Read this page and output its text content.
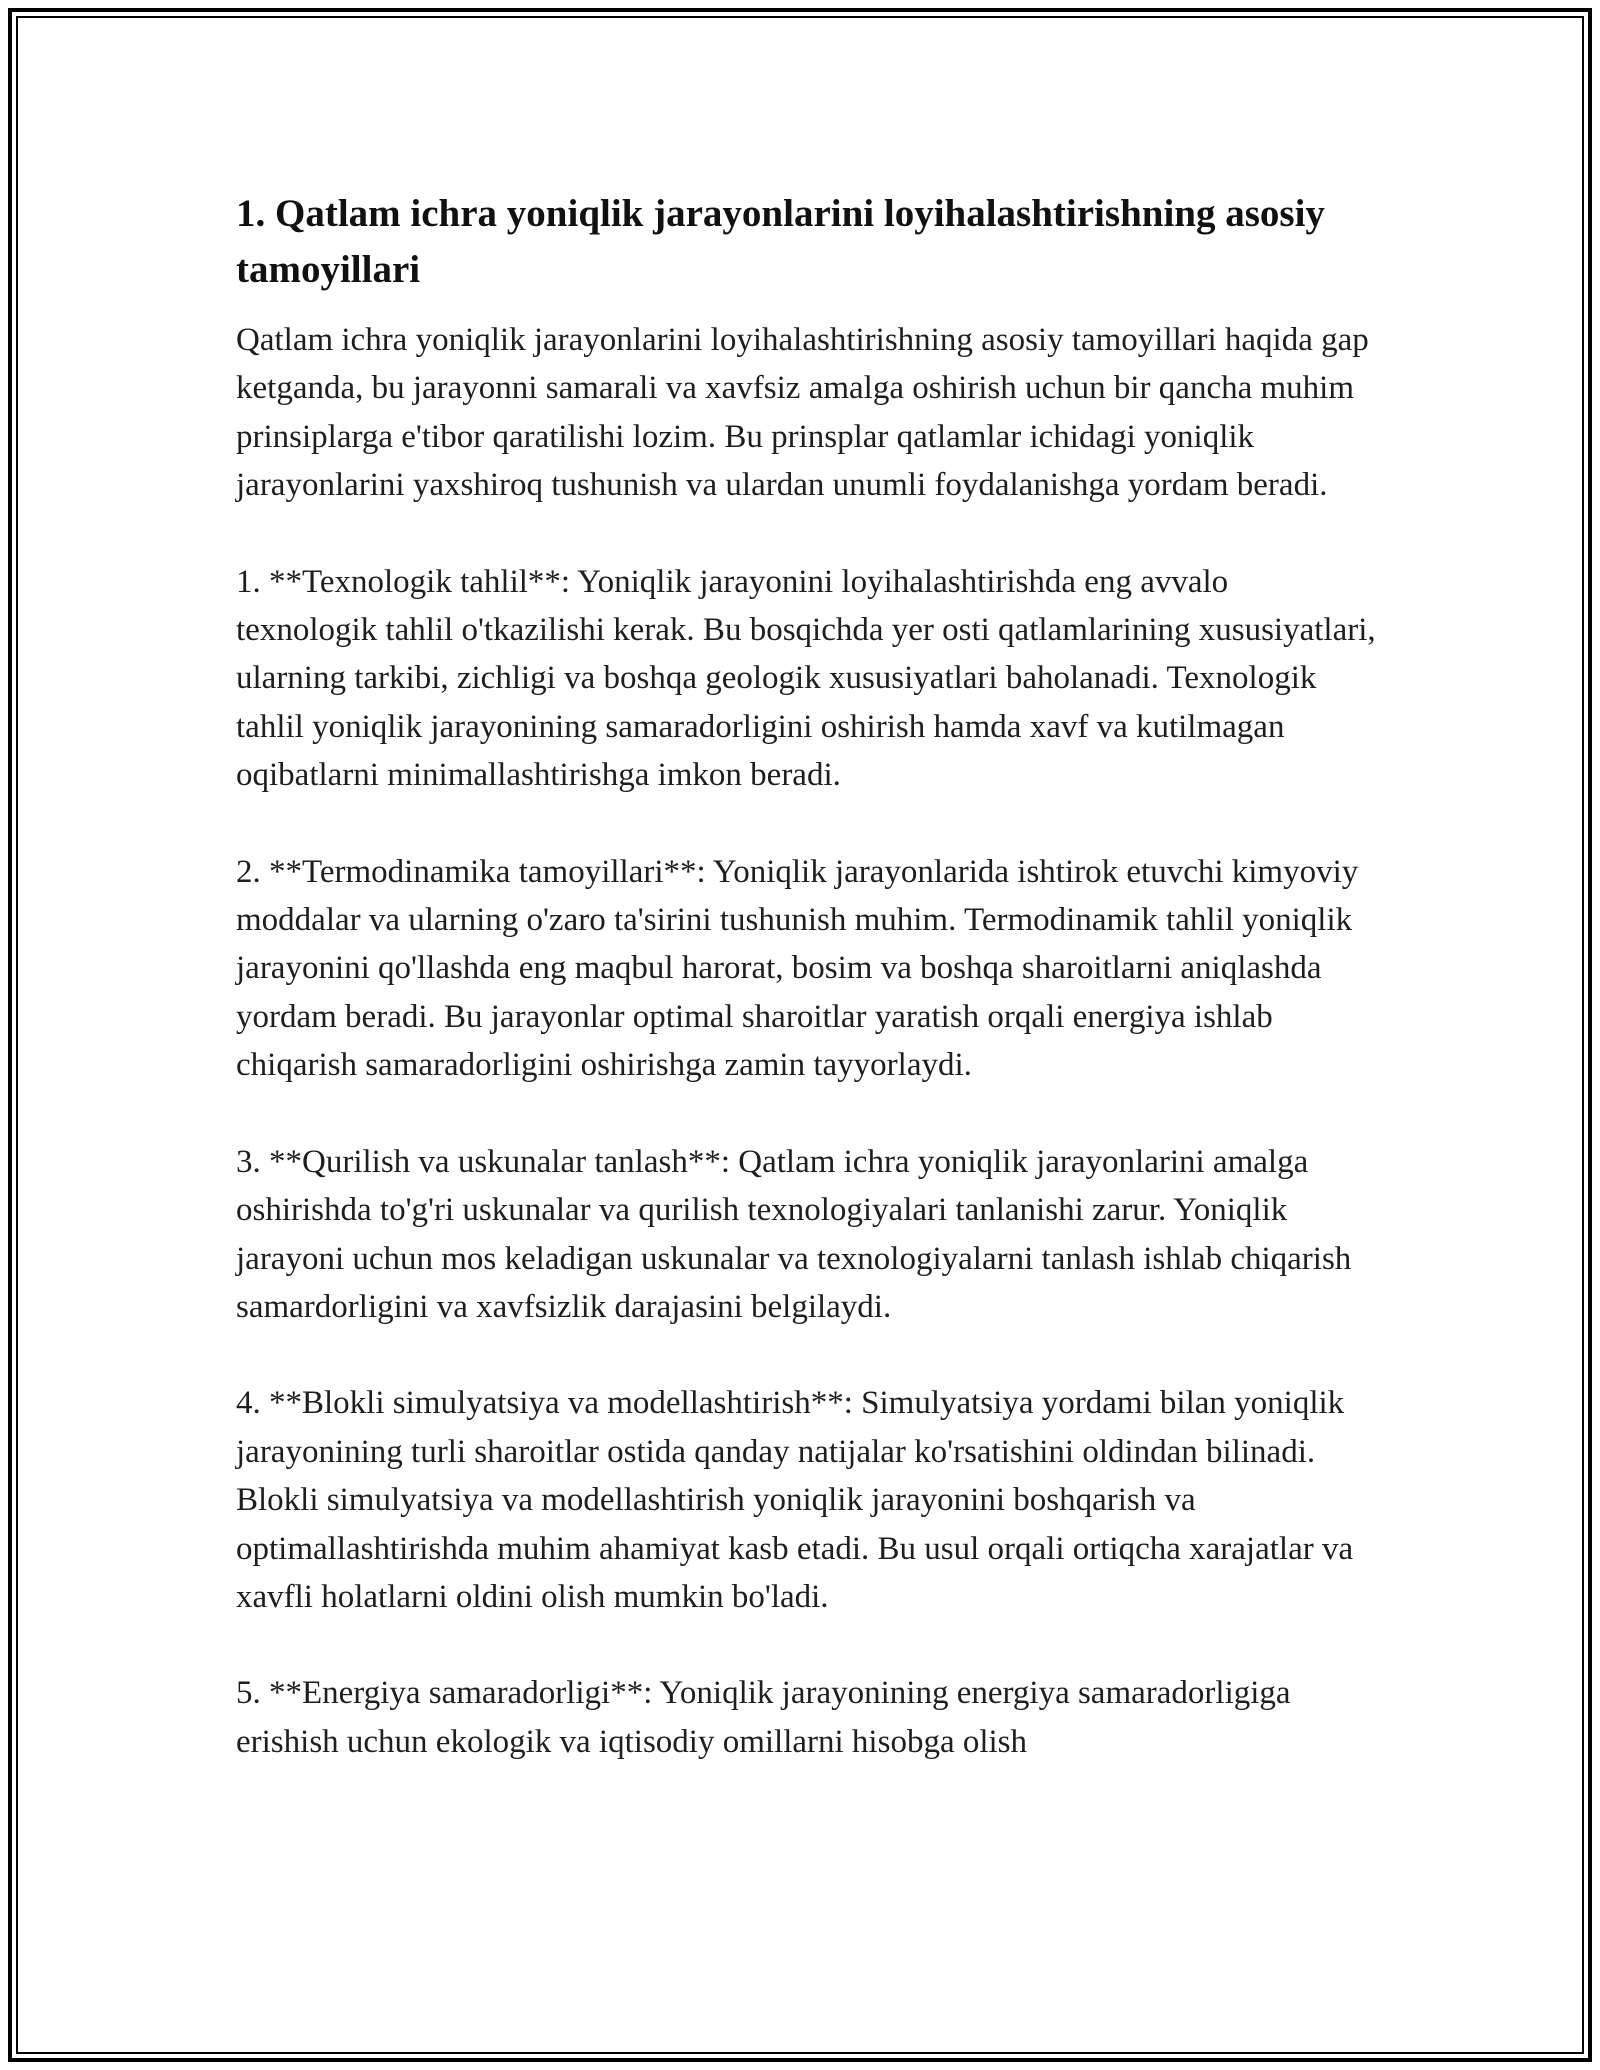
1. Qatlam ichra yoniqlik jarayonlarini loyihalashtirishning asosiy tamoyillari

Qatlam ichra yoniqlik jarayonlarini loyihalashtirishning asosiy tamoyillari haqida gap ketganda, bu jarayonni samarali va xavfsiz amalga oshirish uchun bir qancha muhim prinsiplarga e'tibor qaratilishi lozim. Bu prinsplar qatlamlar ichidagi yoniqlik jarayonlarini yaxshiroq tushunish va ulardan unumli foydalanishga yordam beradi.

1. **Texnologik tahlil**: Yoniqlik jarayonini loyihalashtirishda eng avvalo texnologik tahlil o'tkazilishi kerak. Bu bosqichda yer osti qatlamlarining xususiyatlari, ularning tarkibi, zichligi va boshqa geologik xususiyatlari baholanadi. Texnologik tahlil yoniqlik jarayonining samaradorligini oshirish hamda xavf va kutilmagan oqibatlarni minimallashtirishga imkon beradi.

2. **Termodinamika tamoyillari**: Yoniqlik jarayonlarida ishtirok etuvchi kimyoviy moddalar va ularning o'zaro ta'sirini tushunish muhim. Termodinamik tahlil yoniqlik jarayonini qo'llashda eng maqbul harorat, bosim va boshqa sharoitlarni aniqlashda yordam beradi. Bu jarayonlar optimal sharoitlar yaratish orqali energiya ishlab chiqarish samaradorligini oshirishga zamin tayyorlaydi.

3. **Qurilish va uskunalar tanlash**: Qatlam ichra yoniqlik jarayonlarini amalga oshirishda to'g'ri uskunalar va qurilish texnologiyalari tanlanishi zarur. Yoniqlik jarayoni uchun mos keladigan uskunalar va texnologiyalarni tanlash ishlab chiqarish samardorligini va xavfsizlik darajasini belgilaydi.

4. **Blokli simulyatsiya va modellashtirish**: Simulyatsiya yordami bilan yoniqlik jarayonining turli sharoitlar ostida qanday natijalar ko'rsatishini oldindan bilinadi. Blokli simulyatsiya va modellashtirish yoniqlik jarayonini boshqarish va optimallashtirishda muhim ahamiyat kasb etadi. Bu usul orqali ortiqcha xarajatlar va xavfli holatlarni oldini olish mumkin bo'ladi.

5. **Energiya samaradorligi**: Yoniqlik jarayonining energiya samaradorligiga erishish uchun ekologik va iqtisodiy omillarni hisobga olish
